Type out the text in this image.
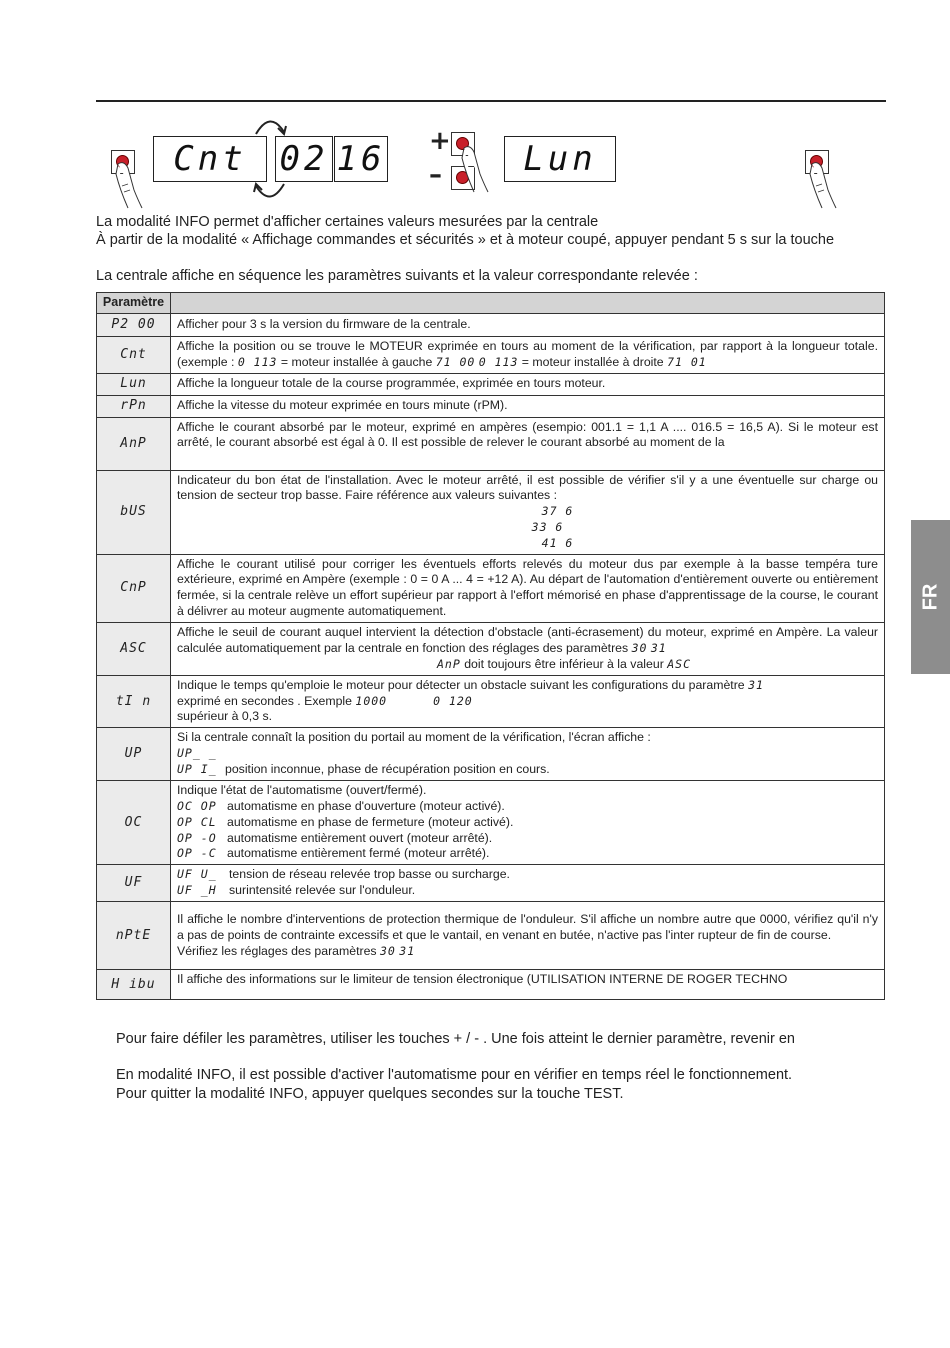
Cnt 02 16 +
–	Lun
La modalité INFO permet d'afficher certaines valeurs mesurées par la centrale
À partir de la modalité « Affichage commandes et sécurités » et à moteur coupé, appuyer pendant 5 s sur la touche
La centrale affiche en séquence les paramètres suivants et la valeur correspondante relevée :
Paramètre	
P2 00	Afficher pour 3 s la version du firmware de la centrale.
Cnt	Affiche la position ou se trouve le MOTEUR exprimée en tours au moment de la vérification, par rapport à la longueur totale.(exemple : 0 113 = moteur installée à gauche 71 00 0 113 = moteur installée à droite 71 01
Lun	Affiche la longueur totale de la course programmée, exprimée en tours moteur.
rPn	Affiche la vitesse du moteur exprimée en tours minute (rPM).
AnP	Affiche le courant absorbé par le moteur, exprimé en ampères (esempio: 001.1 = 1,1 A .... 016.5 = 16,5 A). Si le moteur est arrêté, le courant absorbé est égal à 0. Il est possible de relever le courant absorbé au moment de la
bUS	Indicateur du bon état de l'installation. Avec le moteur arrêté, il est possible de vérifier s'il y a une éventuelle sur charge ou tension de secteur trop basse. Faire référence aux valeurs suivantes :
37 6
33 6
41 6

CnP	Affiche le courant utilisé pour corriger les éventuels efforts relevés du moteur dus par exemple à la basse tempéra ture extérieure, exprimé en Ampère (exemple : 0 = 0 A ... 4 = +12 A). Au départ de l'automation d'entièrement ouverte ou entièrement fermée, si la centrale relève un effort supérieur par rapport à l'effort mémorisé en phase d'apprentissage de la course, le courant à délivrer au moteur augmente automatiquement.
ASC	Affiche le seuil de courant auquel intervient la détection d'obstacle (anti-écrasement) du moteur, exprimé en Ampère. La valeur calculée automatiquement par la centrale en fonction des réglages des paramètres 30 31
AnP doit toujours être inférieur à la valeur ASC
tI n	Indique le temps qu'emploie le moteur pour détecter un obstacle suivant les configurations du paramètre 31
exprimé en secondes . Exemple 1000 0 120
supérieur à 0,3 s.
UP	Si la centrale connaît la position du portail au moment de la vérification, l'écran affiche :
UP_ _
UP I_ position inconnue, phase de récupération position en cours.
OC	Indique l'état de l'automatisme (ouvert/fermé).
OC OP automatisme en phase d'ouverture (moteur activé).
OP CL automatisme en phase de fermeture (moteur activé).
OP -O automatisme entièrement ouvert (moteur arrêté).
OP -C automatisme entièrement fermé (moteur arrêté).
UF	UF U_ tension de réseau relevée trop basse ou surcharge.
UF _H surintensité relevée sur l'onduleur.
nPtE	Il affiche le nombre d'interventions de protection thermique de l'onduleur. S'il affiche un nombre autre que 0000, vérifiez qu'il n'y a pas de points de contrainte excessifs et que le vantail, en venant en butée, n'active pas l'inter rupteur de fin de course.
Vérifiez les réglages des paramètres 30 31
H ibu	Il affiche des informations sur le limiteur de tension électronique (UTILISATION INTERNE DE ROGER TECHNO
Pour faire défiler les paramètres, utiliser les touches + / - . Une fois atteint le dernier paramètre, revenir en
En modalité INFO, il est possible d'activer l'automatisme pour en vérifier en temps réel le fonctionnement.
Pour quitter la modalité INFO, appuyer quelques secondes sur la touche TEST.
FR
